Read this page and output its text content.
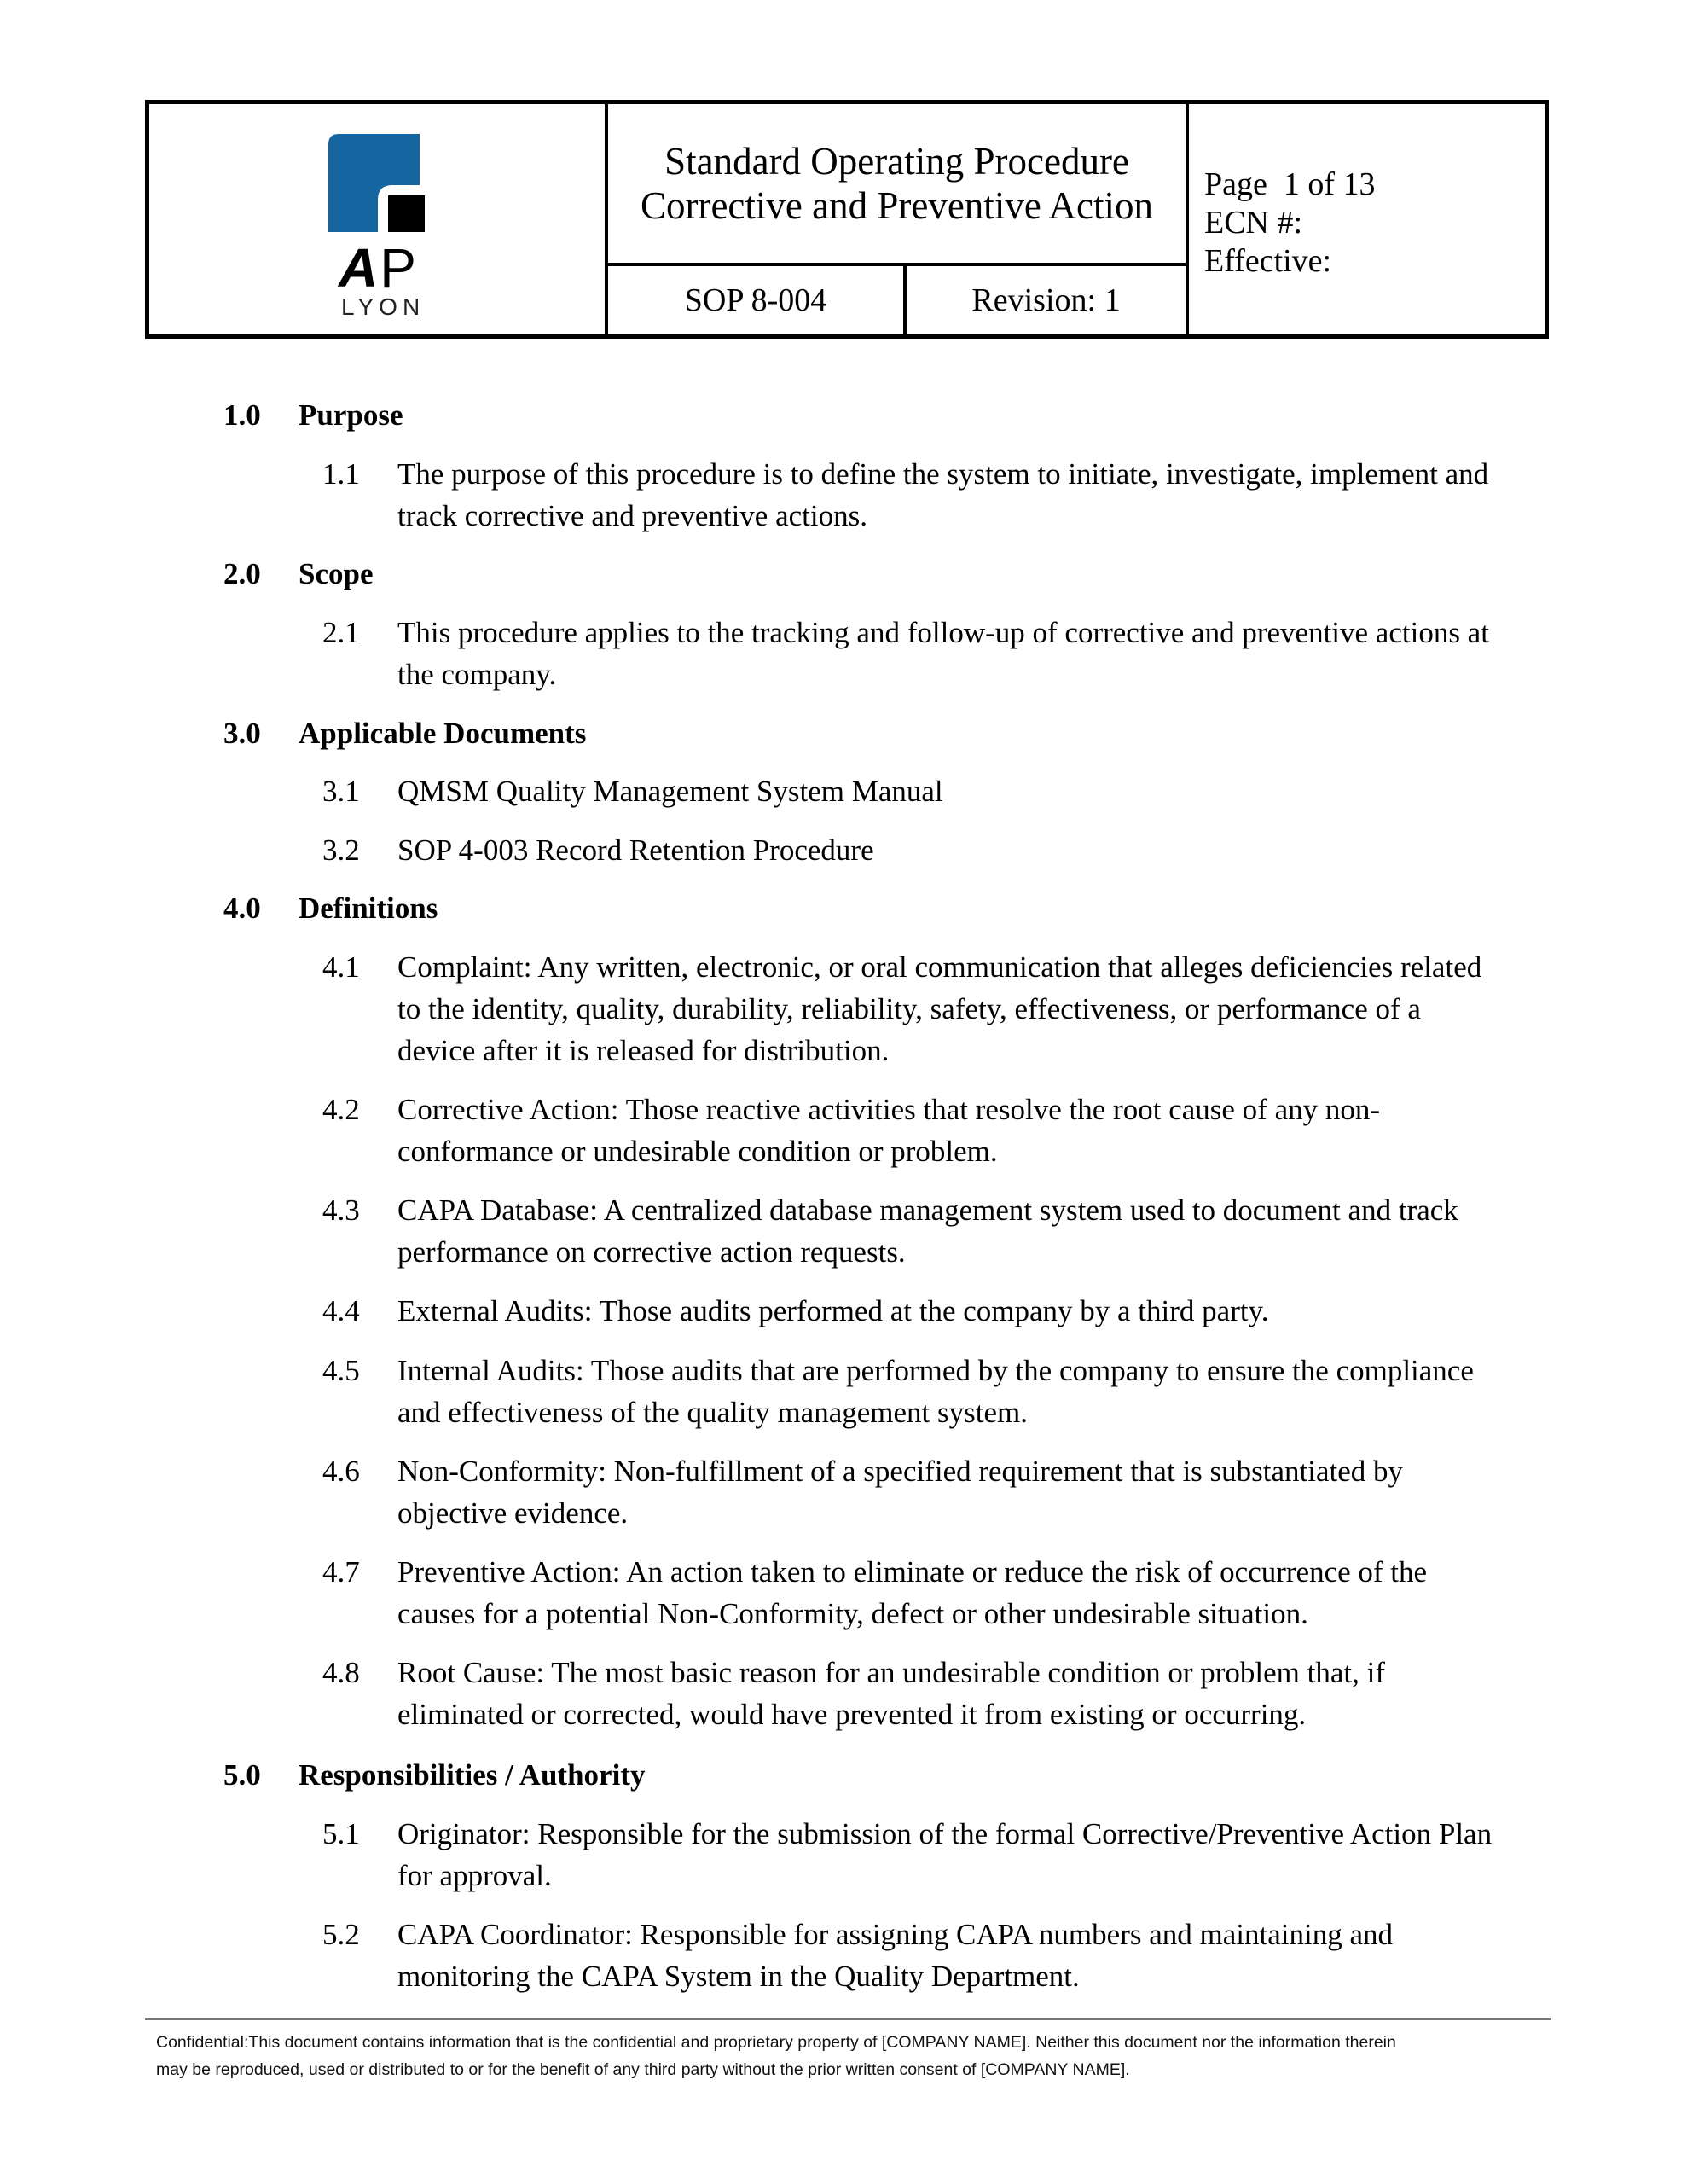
AP
LYON
Standard Operating Procedure
Corrective and Preventive Action
SOP 8-004	Revision: 1
Page  1 of 13
ECN #:
Effective:
1.0 Purpose
1.1 The purpose of this procedure is to define the system to initiate, investigate, implement and track corrective and preventive actions.
2.0 Scope
2.1 This procedure applies to the tracking and follow-up of corrective and preventive actions at the company.
3.0 Applicable Documents
3.1 QMSM Quality Management System Manual
3.2 SOP 4-003 Record Retention Procedure
4.0 Definitions
4.1 Complaint: Any written, electronic, or oral communication that alleges deficiencies related to the identity, quality, durability, reliability, safety, effectiveness, or performance of a device after it is released for distribution.
4.2 Corrective Action: Those reactive activities that resolve the root cause of any non-conformance or undesirable condition or problem.
4.3 CAPA Database: A centralized database management system used to document and track performance on corrective action requests.
4.4 External Audits: Those audits performed at the company by a third party.
4.5 Internal Audits: Those audits that are performed by the company to ensure the compliance and effectiveness of the quality management system.
4.6 Non-Conformity: Non-fulfillment of a specified requirement that is substantiated by objective evidence.
4.7 Preventive Action: An action taken to eliminate or reduce the risk of occurrence of the causes for a potential Non-Conformity, defect or other undesirable situation.
4.8 Root Cause: The most basic reason for an undesirable condition or problem that, if eliminated or corrected, would have prevented it from existing or occurring.
5.0 Responsibilities / Authority
5.1 Originator: Responsible for the submission of the formal Corrective/Preventive Action Plan for approval.
5.2 CAPA Coordinator: Responsible for assigning CAPA numbers and maintaining and monitoring the CAPA System in the Quality Department.
Confidential:This document contains information that is the confidential and proprietary property of [COMPANY NAME]. Neither this document nor the information therein
may be reproduced, used or distributed to or for the benefit of any third party without the prior written consent of [COMPANY NAME].
